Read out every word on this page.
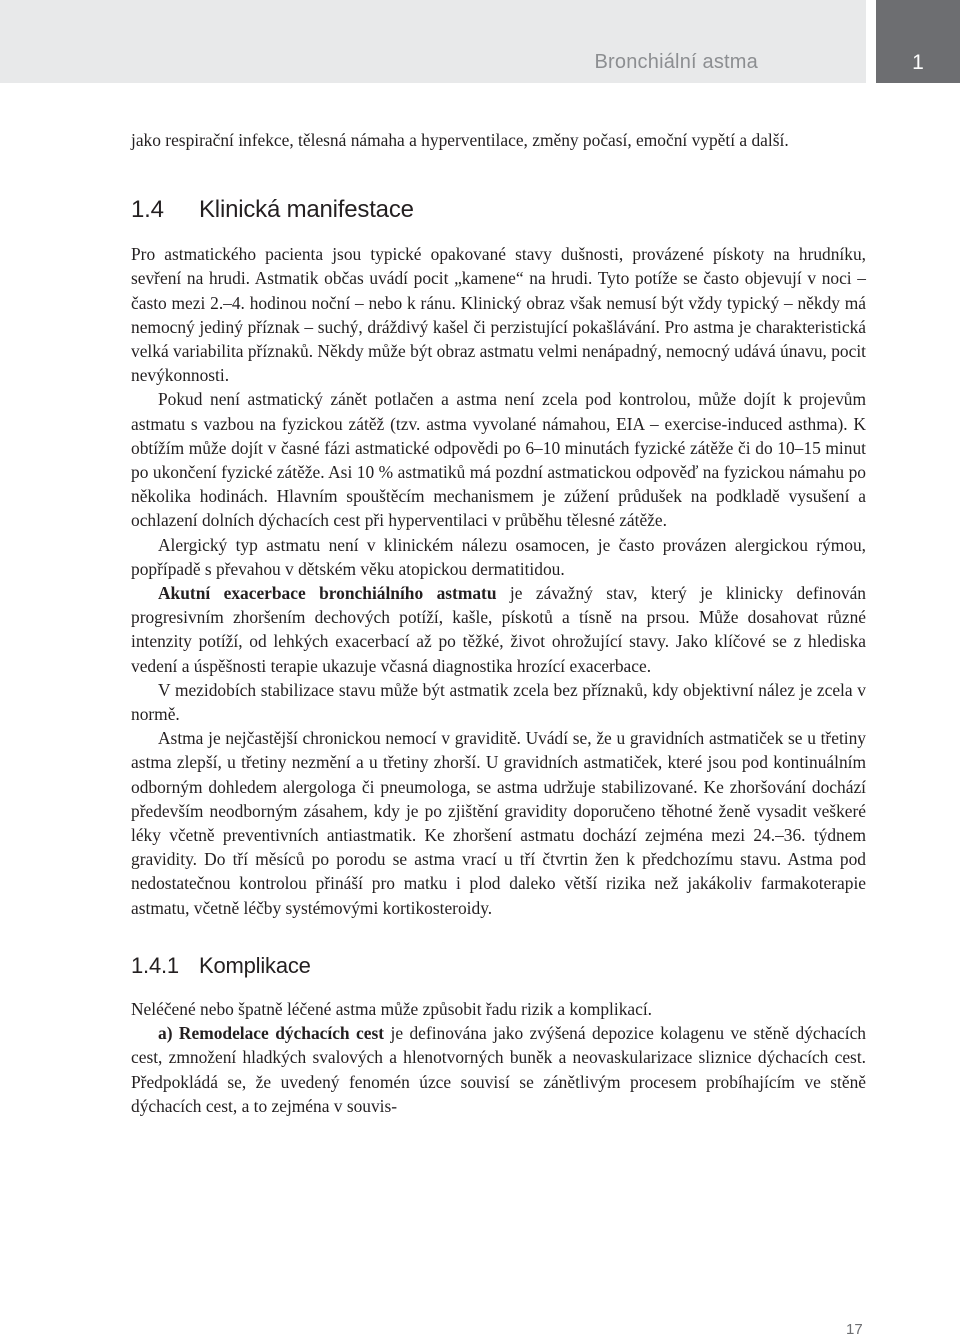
Bronchiální astma	1

jako respirační infekce, tělesná námaha a hyperventilace, změny počasí, emoční vypětí a další.

1.4 Klinická manifestace

Pro astmatického pacienta jsou typické opakované stavy dušnosti, provázené pískoty na hrudníku, sevření na hrudi. Astmatik občas uvádí pocit „kamene“ na hrudi. Tyto potíže se často objevují v noci – často mezi 2.–4. hodinou noční – nebo k ránu. Klinický obraz však nemusí být vždy typický – někdy má nemocný jediný příznak – suchý, dráždivý kašel či perzistující pokašlávání. Pro astma je charakteristická velká variabilita příznaků. Někdy může být obraz astmatu velmi nenápadný, nemocný udává únavu, pocit nevýkonnosti.

Pokud není astmatický zánět potlačen a astma není zcela pod kontrolou, může dojít k projevům astmatu s vazbou na fyzickou zátěž (tzv. astma vyvolané námahou, EIA – exercise-induced asthma). K obtížím může dojít v časné fázi astmatické odpovědi po 6–10 minutách fyzické zátěže či do 10–15 minut po ukončení fyzické zátěže. Asi 10 % astmatiků má pozdní astmatickou odpověď na fyzickou námahu po několika hodinách. Hlavním spouštěcím mechanismem je zúžení průdušek na podkladě vysušení a ochlazení dolních dýchacích cest při hyperventilaci v průběhu tělesné zátěže.

Alergický typ astmatu není v klinickém nálezu osamocen, je často provázen alergickou rýmou, popřípadě s převahou v dětském věku atopickou dermatitidou.

Akutní exacerbace bronchiálního astmatu je závažný stav, který je klinicky definován progresivním zhoršením dechových potíží, kašle, pískotů a tísně na prsou. Může dosahovat různé intenzity potíží, od lehkých exacerbací až po těžké, život ohrožující stavy. Jako klíčové se z hlediska vedení a úspěšnosti terapie ukazuje včasná diagnostika hrozící exacerbace.

V mezidobích stabilizace stavu může být astmatik zcela bez příznaků, kdy objektivní nález je zcela v normě.

Astma je nejčastější chronickou nemocí v graviditě. Uvádí se, že u gravidních astmatiček se u třetiny astma zlepší, u třetiny nezmění a u třetiny zhorší. U gravidních astmatiček, které jsou pod kontinuálním odborným dohledem alergologa či pneumologa, se astma udržuje stabilizované. Ke zhoršování dochází především neodborným zásahem, kdy je po zjištění gravidity doporučeno těhotné ženě vysadit veškeré léky včetně preventivních antiastmatik. Ke zhoršení astmatu dochází zejména mezi 24.–36. týdnem gravidity. Do tří měsíců po porodu se astma vrací u tří čtvrtin žen k předchozímu stavu. Astma pod nedostatečnou kontrolou přináší pro matku i plod daleko větší rizika než jakákoliv farmakoterapie astmatu, včetně léčby systémovými kortikosteroidy.

1.4.1 Komplikace

Neléčené nebo špatně léčené astma může způsobit řadu rizik a komplikací.

a) Remodelace dýchacích cest je definována jako zvýšená depozice kolagenu ve stěně dýchacích cest, zmnožení hladkých svalových a hlenotvorných buněk a neovaskularizace sliznice dýchacích cest. Předpokládá se, že uvedený fenomén úzce souvisí se zánětlivým procesem probíhajícím ve stěně dýchacích cest, a to zejména v souvis-

17
